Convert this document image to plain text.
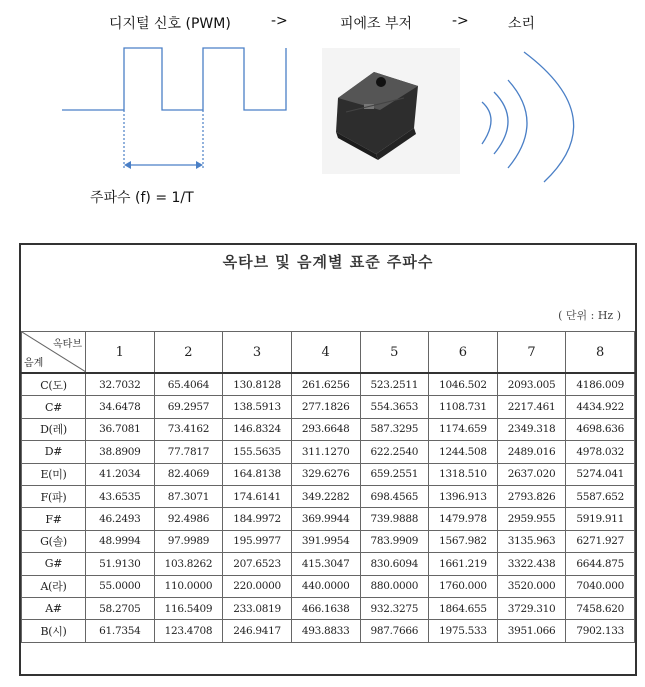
디지털 신호 (PWM)	->	피에조 부저	->	소리
주파수 (f) = 1/T
옥타브 및 음계별 표준 주파수
( 단위 : Hz )
옥타브
음계	1	2	3	4	5	6	7	8
C(도)	32.7032	65.4064	130.8128	261.6256	523.2511	1046.502	2093.005	4186.009
C#	34.6478	69.2957	138.5913	277.1826	554.3653	1108.731	2217.461	4434.922
D(레)	36.7081	73.4162	146.8324	293.6648	587.3295	1174.659	2349.318	4698.636
D#	38.8909	77.7817	155.5635	311.1270	622.2540	1244.508	2489.016	4978.032
E(미)	41.2034	82.4069	164.8138	329.6276	659.2551	1318.510	2637.020	5274.041
F(파)	43.6535	87.3071	174.6141	349.2282	698.4565	1396.913	2793.826	5587.652
F#	46.2493	92.4986	184.9972	369.9944	739.9888	1479.978	2959.955	5919.911
G(솔)	48.9994	97.9989	195.9977	391.9954	783.9909	1567.982	3135.963	6271.927
G#	51.9130	103.8262	207.6523	415.3047	830.6094	1661.219	3322.438	6644.875
A(라)	55.0000	110.0000	220.0000	440.0000	880.0000	1760.000	3520.000	7040.000
A#	58.2705	116.5409	233.0819	466.1638	932.3275	1864.655	3729.310	7458.620
B(시)	61.7354	123.4708	246.9417	493.8833	987.7666	1975.533	3951.066	7902.133
